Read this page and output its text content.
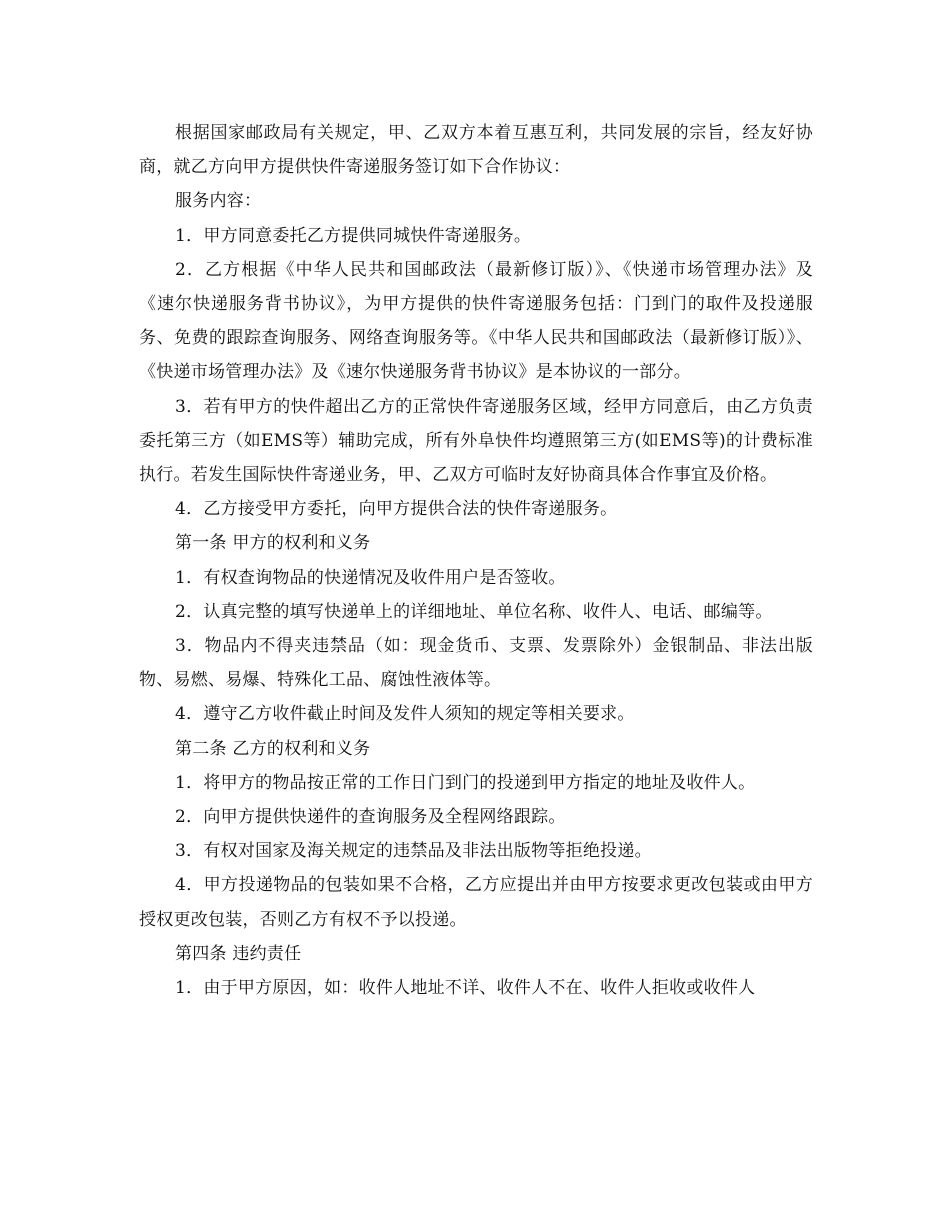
根据国家邮政局有关规定，甲、乙双方本着互惠互利，共同发展的宗旨，经友好协商，就乙方向甲方提供快件寄递服务签订如下合作协议：

服务内容：

1．甲方同意委托乙方提供同城快件寄递服务。

2．乙方根据《中华人民共和国邮政法（最新修订版）》、《快递市场管理办法》及《速尔快递服务背书协议》，为甲方提供的快件寄递服务包括：门到门的取件及投递服务、免费的跟踪查询服务、网络查询服务等。《中华人民共和国邮政法（最新修订版）》、《快递市场管理办法》及《速尔快递服务背书协议》是本协议的一部分。

3．若有甲方的快件超出乙方的正常快件寄递服务区域，经甲方同意后，由乙方负责委托第三方（如EMS等）辅助完成，所有外阜快件均遵照第三方(如EMS等)的计费标准执行。若发生国际快件寄递业务，甲、乙双方可临时友好协商具体合作事宜及价格。

4．乙方接受甲方委托，向甲方提供合法的快件寄递服务。

第一条 甲方的权利和义务

1．有权查询物品的快递情况及收件用户是否签收。

2．认真完整的填写快递单上的详细地址、单位名称、收件人、电话、邮编等。

3．物品内不得夹违禁品（如：现金货币、支票、发票除外）金银制品、非法出版物、易燃、易爆、特殊化工品、腐蚀性液体等。

4．遵守乙方收件截止时间及发件人须知的规定等相关要求。

第二条 乙方的权利和义务

1．将甲方的物品按正常的工作日门到门的投递到甲方指定的地址及收件人。

2．向甲方提供快递件的查询服务及全程网络跟踪。

3．有权对国家及海关规定的违禁品及非法出版物等拒绝投递。

4．甲方投递物品的包装如果不合格，乙方应提出并由甲方按要求更改包装或由甲方授权更改包装，否则乙方有权不予以投递。

第四条 违约责任

1．由于甲方原因，如：收件人地址不详、收件人不在、收件人拒收或收件人
